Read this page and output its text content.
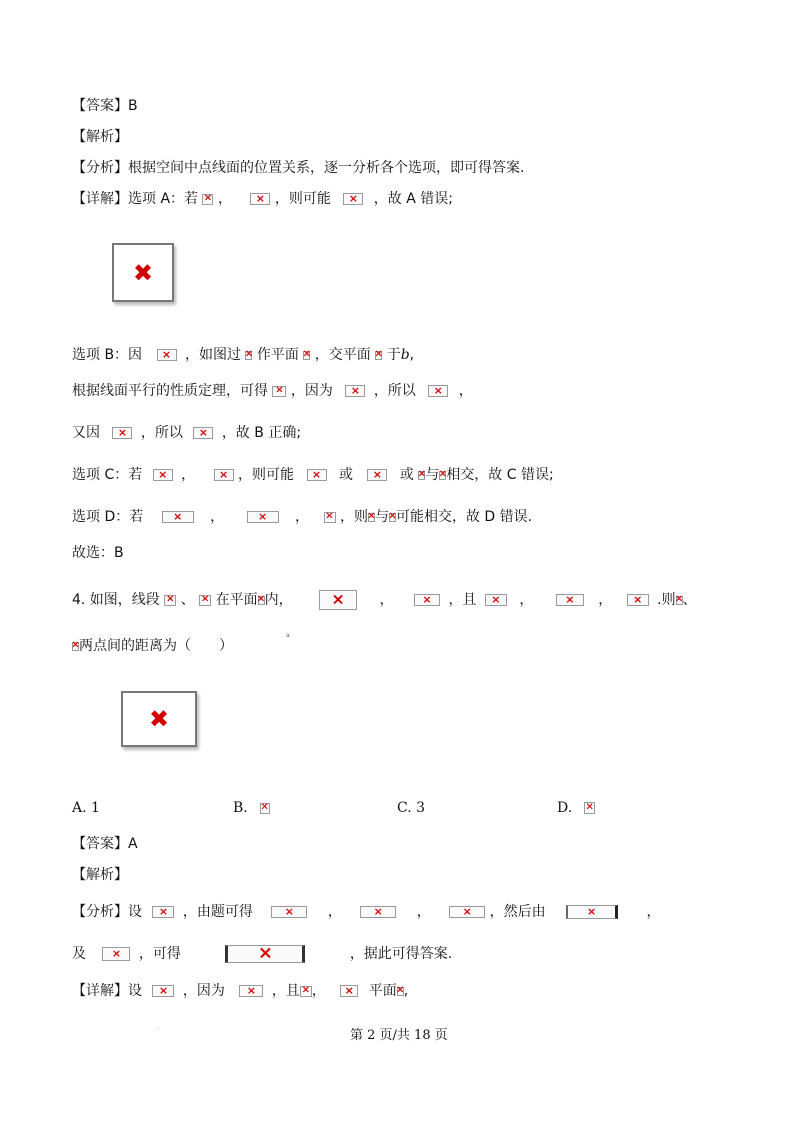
【答案】B
【解析】
【分析】根据空间中点线面的位置关系，逐一分析各个选项，即可得答案.
【详解】选项 A：若 × ， ×	，则可能 ×	，故 A 错误;
✖
选项 B：因 ×	，如图过 × 作平面 × ，交平面 × 于b,
根据线面平行的性质定理，可得 × ，因为 ×	，所以 ×	，
又因 ×	，所以 ×	，故 B 正确;
选项 C：若 ×	， ×	，则可能 ×	或 ×	或 × 与 × 相交，故 C 错误;
选项 D：若 ×	， ×	， × ，则 × 与 × 可能相交，故 D 错误.
故选：B
4. 如图，线段 × 、 × 在平面 × 内， ×	， ×	，且 ×	， ×	， ×	.则 × 、
×两点间的距离为（　　）
a
✖
A. 1	B. ×	C. 3	D.×
【答案】A
【解析】
【分析】设 ×	，由题可得 ×	， ×	， ×	，然后由 ×	，
及 ×	，可得 ×	，据此可得答案.
【详解】设 ×	，因为 ×	，且 × ， ×	平面 × ,
.
第 2 页/共 18 页
